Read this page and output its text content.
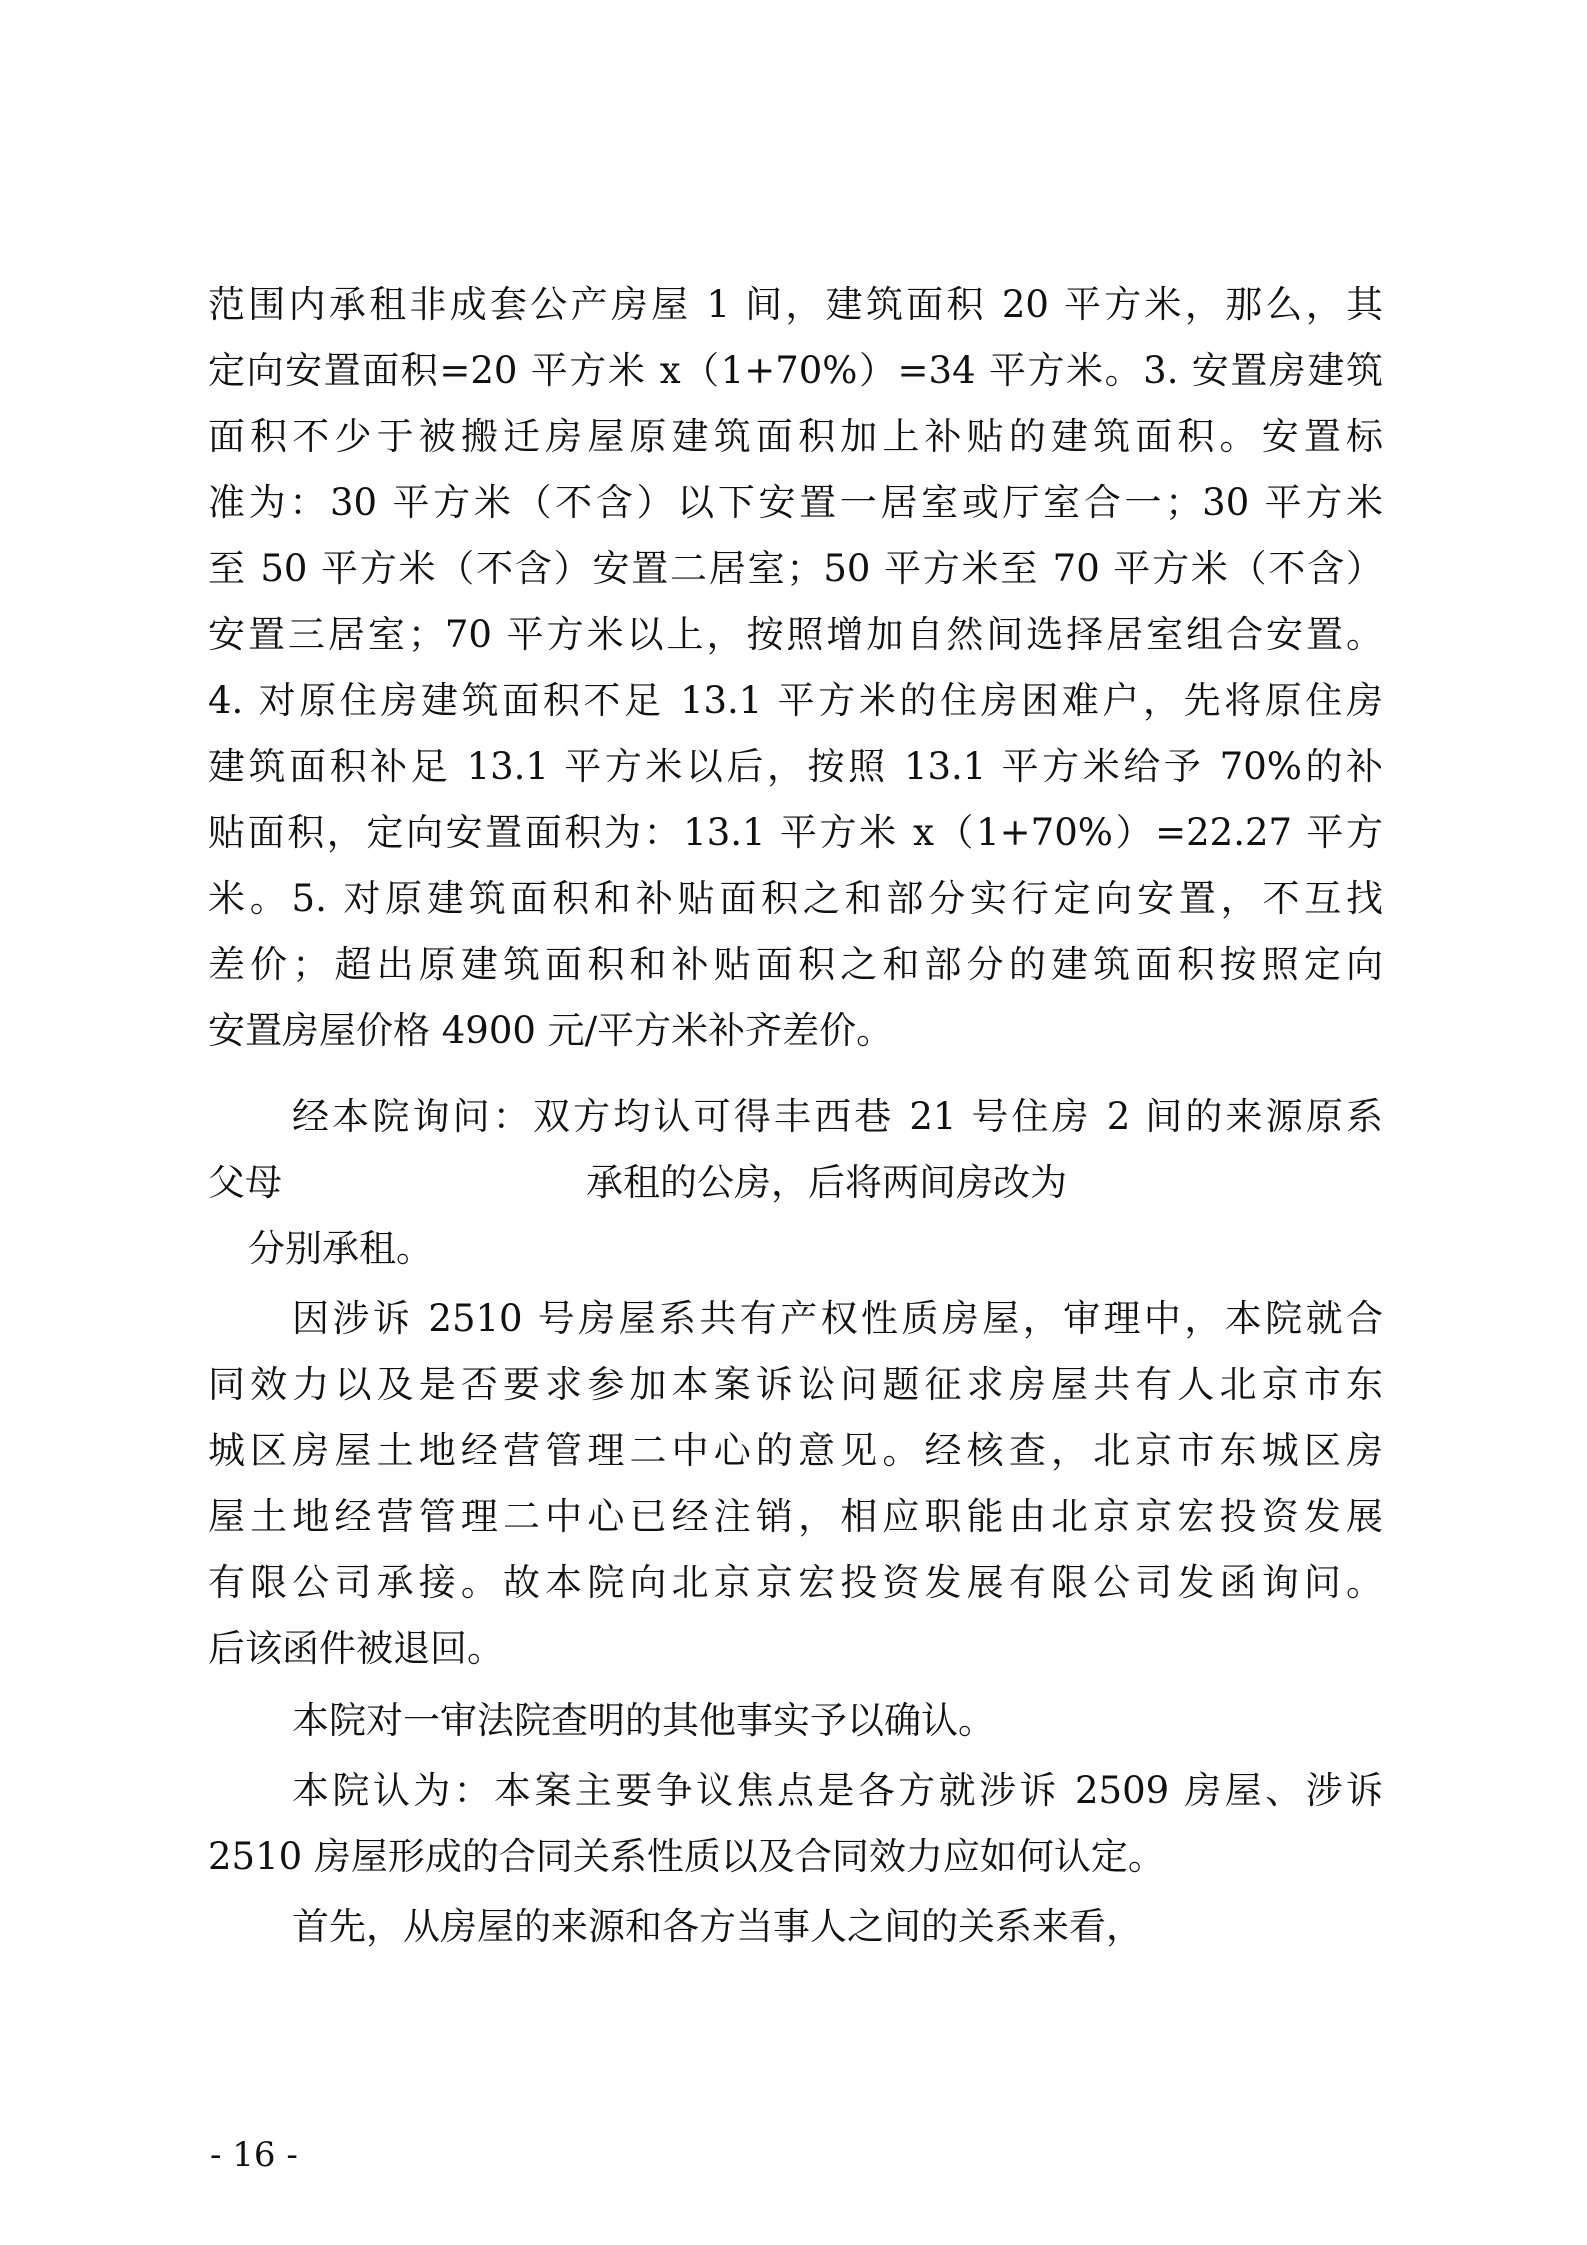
范围内承租非成套公产房屋 1 间，建筑面积 20 平方米，那么，其
定向安置面积=20 平方米 x（1+70%）=34 平方米。3. 安置房建筑
面积不少于被搬迁房屋原建筑面积加上补贴的建筑面积。安置标
准为：30 平方米（不含）以下安置一居室或厅室合一；30 平方米
至 50 平方米（不含）安置二居室；50 平方米至 70 平方米（不含）
安置三居室；70 平方米以上，按照增加自然间选择居室组合安置。
4. 对原住房建筑面积不足 13.1 平方米的住房困难户，先将原住房
建筑面积补足 13.1 平方米以后，按照 13.1 平方米给予 70%的补
贴面积，定向安置面积为：13.1 平方米 x（1+70%）=22.27 平方
米。5. 对原建筑面积和补贴面积之和部分实行定向安置，不互找
差价；超出原建筑面积和补贴面积之和部分的建筑面积按照定向
安置房屋价格 4900 元/平方米补齐差价。
经本院询问：双方均认可得丰西巷 21 号住房 2 间的来源原系
父母	承租的公房，后将两间房改为
分别承租。
因涉诉 2510 号房屋系共有产权性质房屋，审理中，本院就合
同效力以及是否要求参加本案诉讼问题征求房屋共有人北京市东
城区房屋土地经营管理二中心的意见。经核查，北京市东城区房
屋土地经营管理二中心已经注销，相应职能由北京京宏投资发展
有限公司承接。故本院向北京京宏投资发展有限公司发函询问。
后该函件被退回。
本院对一审法院查明的其他事实予以确认。
本院认为：本案主要争议焦点是各方就涉诉 2509 房屋、涉诉
2510 房屋形成的合同关系性质以及合同效力应如何认定。
首先，从房屋的来源和各方当事人之间的关系来看，
- 16 -
